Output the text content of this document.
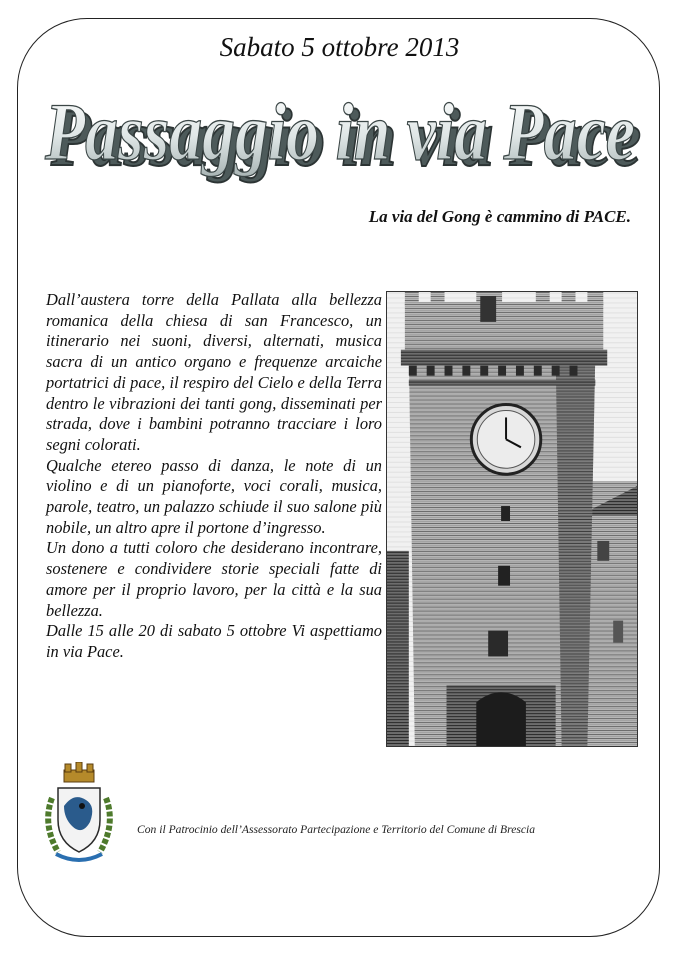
Sabato 5 ottobre 2013
Passaggio in via Pace
Passaggio in via Pace
La via del Gong è cammino di PACE.

Dall’austera torre della Pallata alla bellezza romanica della chiesa di san Francesco, un itinerario nei suoni, diversi, alternati, musica sacra di un antico organo e frequenze arcaiche portatrici di pace, il respiro del Cielo e della Terra dentro le vibrazioni dei tanti gong, disseminati per strada, dove i bambini potranno tracciare i loro segni colorati.

Qualche etereo passo di danza, le note di un violino e di un pianoforte, voci corali, musica, parole, teatro, un palazzo schiude il suo salone più nobile, un altro apre il portone d’ingresso.

Un dono a tutti coloro che desiderano incontrare, sostenere e condividere storie speciali fatte di amore per il proprio lavoro, per la città e la sua bellezza.

Dalle 15 alle 20 di sabato 5 ottobre Vi aspettiamo in via Pace.

Con il Patrocinio dell’Assessorato Partecipazione e Territorio del Comune di Brescia
